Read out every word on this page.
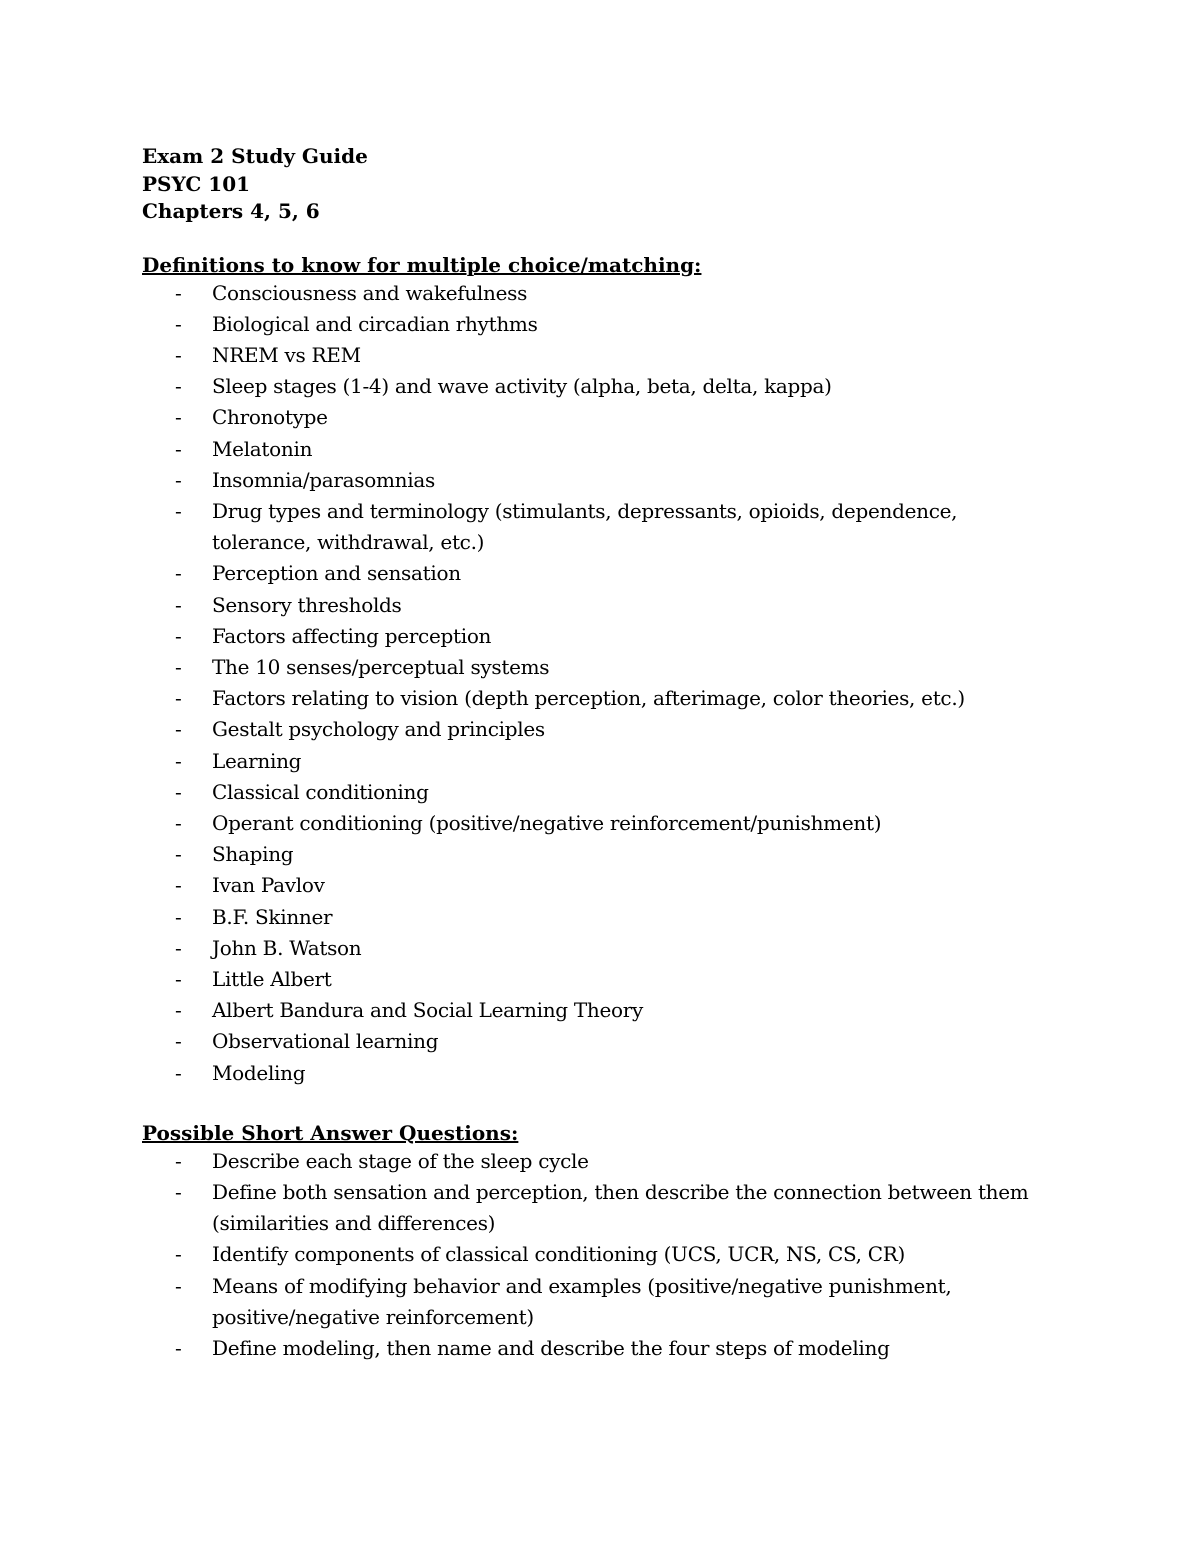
Exam 2 Study Guide
PSYC 101
Chapters 4, 5, 6
Definitions to know for multiple choice/matching:
- Consciousness and wakefulness
- Biological and circadian rhythms
- NREM vs REM
- Sleep stages (1-4) and wave activity (alpha, beta, delta, kappa)
- Chronotype
- Melatonin
- Insomnia/parasomnias
- Drug types and terminology (stimulants, depressants, opioids, dependence, tolerance, withdrawal, etc.)
- Perception and sensation
- Sensory thresholds
- Factors affecting perception
- The 10 senses/perceptual systems
- Factors relating to vision (depth perception, afterimage, color theories, etc.)
- Gestalt psychology and principles
- Learning
- Classical conditioning
- Operant conditioning (positive/negative reinforcement/punishment)
- Shaping
- Ivan Pavlov
- B.F. Skinner
- John B. Watson
- Little Albert
- Albert Bandura and Social Learning Theory
- Observational learning
- Modeling
Possible Short Answer Questions:
- Describe each stage of the sleep cycle
- Define both sensation and perception, then describe the connection between them (similarities and differences)
- Identify components of classical conditioning (UCS, UCR, NS, CS, CR)
- Means of modifying behavior and examples (positive/negative punishment, positive/negative reinforcement)
- Define modeling, then name and describe the four steps of modeling
